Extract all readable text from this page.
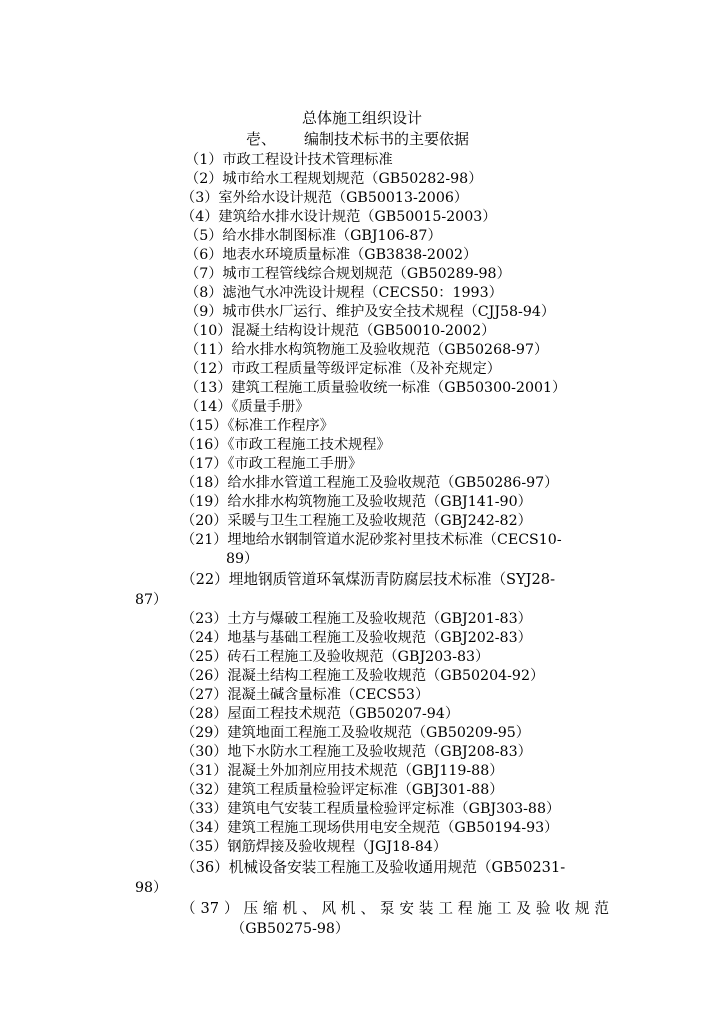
总体施工组织设计
壱、 编制技术标书的主要依据
（1）市政工程设计技术管理标准
（2）城市给水工程规划规范（GB50282-98）
（3）室外给水设计规范（GB50013-2006）
（4）建筑给水排水设计规范（GB50015-2003）
（5）给水排水制图标准（GBJ106-87）
（6）地表水环境质量标准（GB3838-2002）
（7）城市工程管线综合规划规范（GB50289-98）
（8）滤池气水冲洗设计规程（CECS50：1993）
（9）城市供水厂运行、维护及安全技术规程（CJJ58-94）
（10）混凝土结构设计规范（GB50010-2002）
（11）给水排水构筑物施工及验收规范（GB50268-97）
（12）市政工程质量等级评定标准（及补充规定）
（13）建筑工程施工质量验收统一标准（GB50300-2001）
（14）《质量手册》
（15）《标准工作程序》
（16）《市政工程施工技术规程》
（17）《市政工程施工手册》
（18）给水排水管道工程施工及验收规范（GB50286-97）
（19）给水排水构筑物施工及验收规范（GBJ141-90）
（20）采暖与卫生工程施工及验收规范（GBJ242-82）
（21）埋地给水钢制管道水泥砂浆衬里技术标准（CECS10-
89）
（22）埋地钢质管道环氧煤沥青防腐层技术标准（SYJ28-
87）
（23）土方与爆破工程施工及验收规范（GBJ201-83）
（24）地基与基础工程施工及验收规范（GBJ202-83）
（25）砖石工程施工及验收规范（GBJ203-83）
（26）混凝土结构工程施工及验收规范（GB50204-92）
（27）混凝土碱含量标准（CECS53）
（28）屋面工程技术规范（GB50207-94）
（29）建筑地面工程施工及验收规范（GB50209-95）
（30）地下水防水工程施工及验收规范（GBJ208-83）
（31）混凝土外加剂应用技术规范（GBJ119-88）
（32）建筑工程质量检验评定标准（GBJ301-88）
（33）建筑电气安装工程质量检验评定标准（GBJ303-88）
（34）建筑工程施工现场供用电安全规范（GB50194-93）
（35）钢筋焊接及验收规程（JGJ18-84）
（36）机械设备安装工程施工及验收通用规范（GB50231-
98）
（37）压缩机、风机、泵安装工程施工及验收规范
（GB50275-98）
